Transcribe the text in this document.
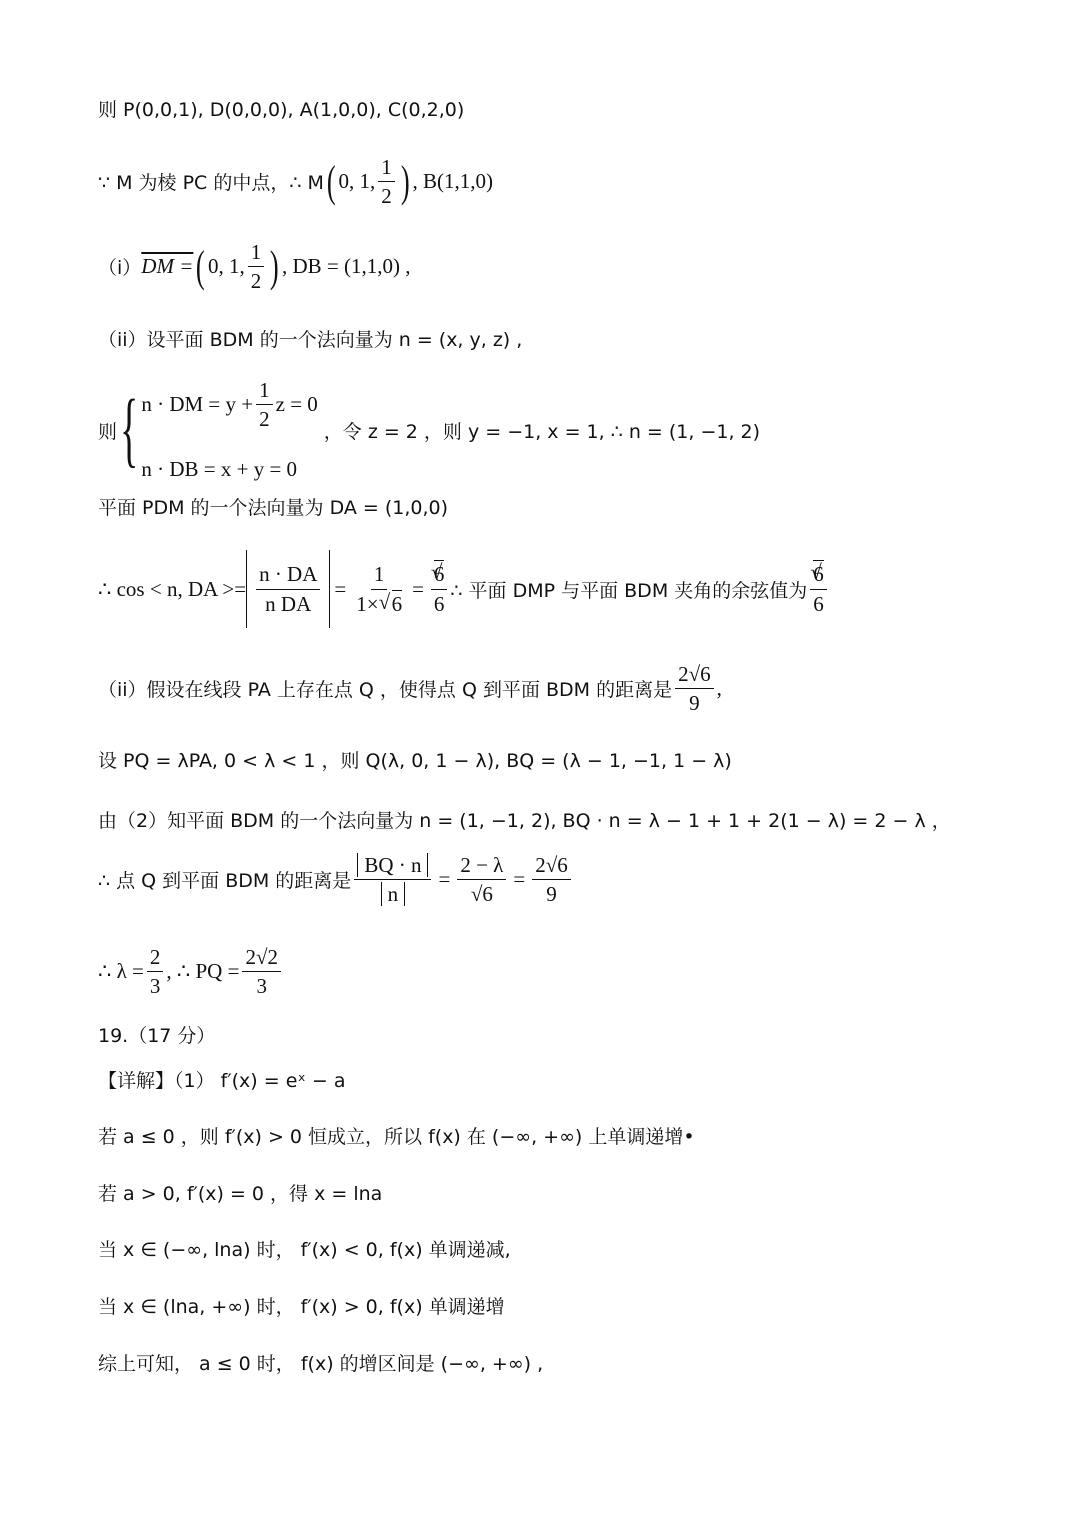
则 P(0,0,1), D(0,0,0), A(1,0,0), C(0,2,0)
∵ M 为棱 PC 的中点，∴ M ( 0, 1, $\frac{1}{2}$ ) , B(1,1,0)
（i） DM = ( 0, 1, $\frac{1}{2}$ ) , DB = (1,1,0) ,
（ii）设平面 BDM 的一个法向量为 n = (x, y, z) ,
则 { n · DM = $y + \frac{1}{2}$ z = 0
n · DB = x + y = 0
，令 z = 2 ，则 y = −1, x = 1, ∴ n = (1, −1, 2)
平面 PDM 的一个法向量为 DA = (1,0,0)
∴ cos < n, DA >= $\frac{n \cdot DA}{\text{n DA}} = \frac{1}{1\times √ 6}$ = √ $\frac{6}{6}$ ∴ 平面 DMP 与平面 BDM 夹角的余弦值为 √ $\frac{6}{6}$
（ii）假设在线段 PA 上存在点 Q ，使得点 Q 到平面 BDM 的距离是 $\frac{2√6}{9}$ ,
设 PQ = λPA, 0 < λ < 1 ，则 Q(λ, 0, 1 − λ), BQ = (λ − 1, −1, 1 − λ)
由（2）知平面 BDM 的一个法向量为 n = (1, −1, 2), BQ · n = λ − 1 + 1 + 2(1 − λ) = 2 − λ ，
∴ 点 Q 到平面 BDM 的距离是 $\frac{BQ \cdot n}{n} = \frac{2 - \lambda}{√6} = \frac{2√6}{9}$
∴ $\lambda = \frac{2}{3}$ , ∴ PQ = $\frac{2√2}{3}$
19.（17 分）
【详解】（1） f′(x) = eˣ − a
若 a ≤ 0 ，则 f′(x) > 0 恒成立，所以 f(x) 在 (−∞, +∞) 上单调递增•
若 a > 0, f′(x) = 0 ，得 x = lna
当 x ∈ (−∞, lna) 时， f′(x) < 0, f(x) 单调递减,
当 x ∈ (lna, +∞) 时， f′(x) > 0, f(x) 单调递增
综上可知， a ≤ 0 时， f(x) 的增区间是 (−∞, +∞) ,
